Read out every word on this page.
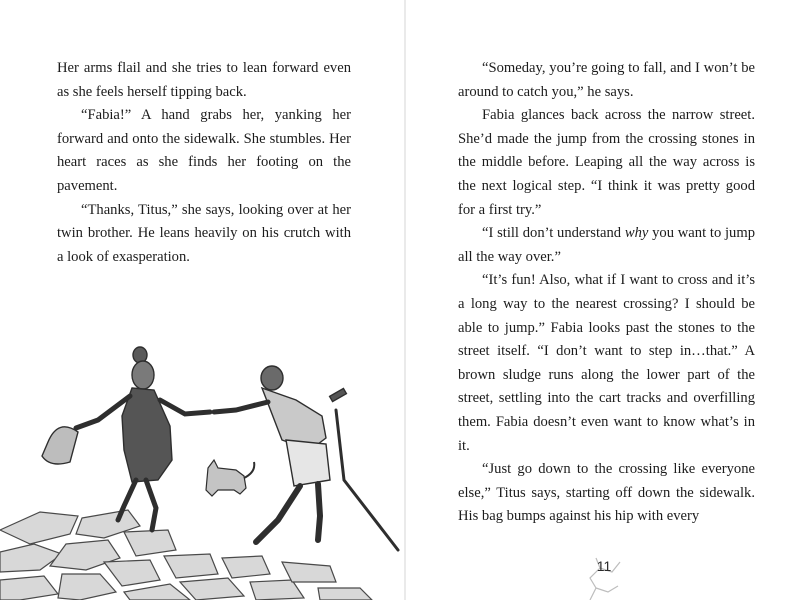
Her arms flail and she tries to lean forward even as she feels herself tipping back.

“Fabia!” A hand grabs her, yanking her forward and onto the sidewalk. She stumbles. Her heart races as she finds her footing on the pavement.

“Thanks, Titus,” she says, looking over at her twin brother. He leans heavily on his crutch with a look of exasperation.

“Someday, you’re going to fall, and I won’t be around to catch you,” he says.

Fabia glances back across the narrow street. She’d made the jump from the crossing stones in the middle before. Leaping all the way across is the next logical step. “I think it was pretty good for a first try.”

“I still don’t understand why you want to jump all the way over.”

“It’s fun! Also, what if I want to cross and it’s a long way to the nearest crossing? I should be able to jump.” Fabia looks past the stones to the street itself. “I don’t want to step in…that.” A brown sludge runs along the lower part of the street, settling into the cart tracks and overfilling them. Fabia doesn’t even want to know what’s in it.

“Just go down to the crossing like everyone else,” Titus says, starting off down the sidewalk. His bag bumps against his hip with every

11
